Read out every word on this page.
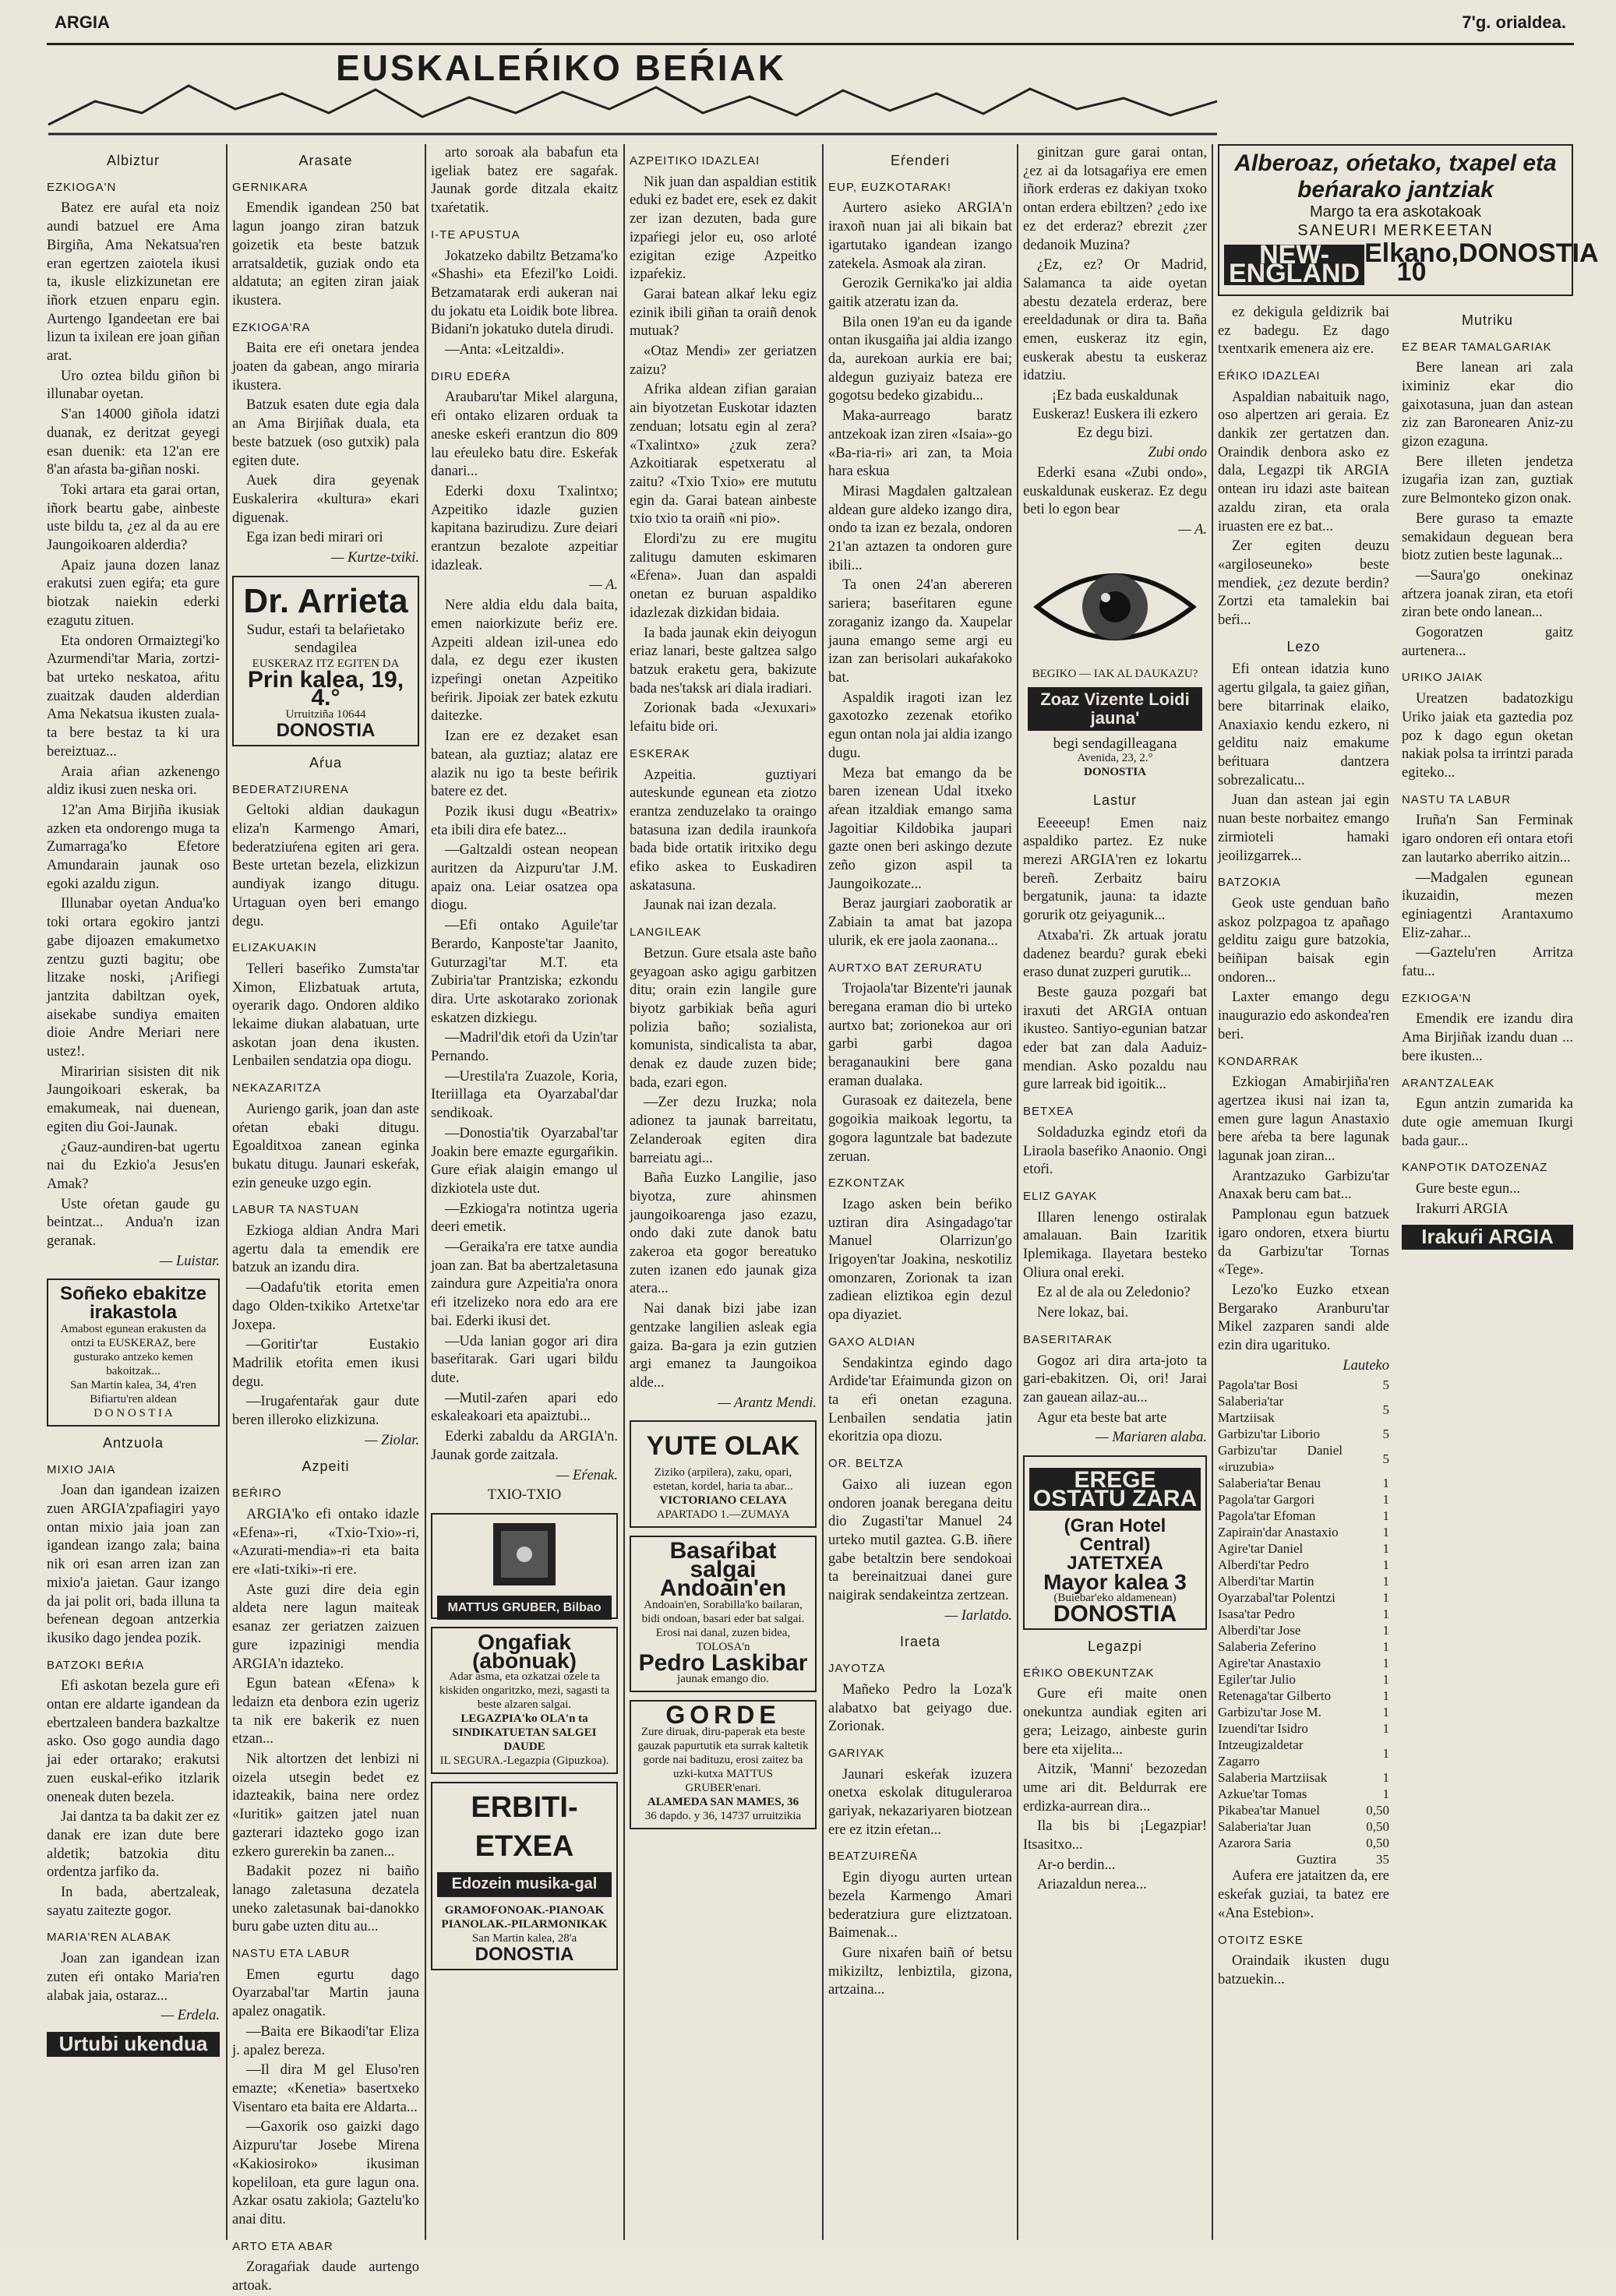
ARGIA	7'g. orialdea.
EUSKALEŔIKO BEŔIAK
Albiztur
EZKIOGA'N

Batez ere auŕal eta noiz aundi batzuel ere Ama Birgiña, Ama Nekatsua'ren eran egertzen zaiotela ikusi ta, ikusle elizkizunetan ere iñork etzuen enparu egin. Aurtengo Igandeetan ere bai lizun ta ixilean ere joan giñan arat.

Uro oztea bildu giñon bi illunabar oyetan.

S'an 14000 giñola idatzi duanak, ez deritzat geyegi esan duenik: eta 12'an ere 8'an aŕasta ba-giñan noski.

Toki artara eta garai ortan, iñork beartu gabe, ainbeste uste bildu ta, ¿ez al da au ere Jaungoikoaren alderdia?

Apaiz jauna dozen lanaz erakutsi zuen egiŕa; eta gure biotzak naiekin ederki ezagutu zituen.

Eta ondoren Ormaiztegi'ko Azurmendi'tar Maria, zortzi-bat urteko neskatoa, aŕitu zuaitzak dauden alderdian Ama Nekatsua ikusten zuala-ta bere bestaz ta ki ura bereiztuaz...

Araia aŕian azkenengo aldiz ikusi zuen neska ori.

12'an Ama Birjiña ikusiak azken eta ondorengo muga ta Zumarraga'ko Efetore Amundarain jaunak oso egoki azaldu zigun.

Illunabar oyetan Andua'ko toki ortara egokiro jantzi gabe dijoazen emakumetxo zentzu guzti bagitu; obe litzake noski, ¡Arifiegi jantzita dabiltzan oyek, aisekabe sundiya emaiten dioie Andre Meriari nere ustez!.

Miraririan sisisten dit nik Jaungoikoari eskerak, ba emakumeak, nai duenean, egiten diu Goi-Jaunak.

¿Gauz-aundiren-bat ugertu nai du Ezkio'a Jesus'en Amak?

Uste oŕetan gaude gu beintzat... Andua'n izan geranak.

— Luistar.

Soñeko ebakitze irakastola
Amabost egunean erakusten da ontzi ta EUSKERAZ, bere gusturako antzeko kemen bakoitzak...
San Martin kalea, 34, 4'ren Bifiartu'ren aldean
D O N O S T I A
Antzuola
MIXIO JAIA

Joan dan igandean izaizen zuen ARGIA'zpafiagiri yayo ontan mixio jaia joan zan igandean izango zala; baina nik ori esan arren izan zan mixio'a jaietan. Gaur izango da jai polit ori, bada illuna ta beŕenean degoan antzerkia ikusiko dago jendea pozik.

BATZOKI BEŔIA

Efi askotan bezela gure eŕi ontan ere aldarte igandean da ebertzaleen bandera bazkaltze asko. Oso gogo aundia dago jai eder ortarako; erakutsi zuen euskal-eŕiko itzlarik oneneak duten bezela.

Jai dantza ta ba dakit zer ez danak ere izan dute bere aldetik; batzokia ditu ordentza jarfiko da.

In bada, abertzaleak, sayatu zaitezte gogor.

MARIA'REN ALABAK

Joan zan igandean izan zuten eŕi ontako Maria'ren alabak jaia, ostaraz...

— Erdela.

Urtubi ukendua
Arasate
GERNIKARA

Emendik igandean 250 bat lagun joango ziran batzuk goizetik eta beste batzuk arratsaldetik, guziak ondo eta aldatuta; an egiten ziran jaiak ikustera.

EZKIOGA'RA

Baita ere eŕi onetara jendea joaten da gabean, ango miraria ikustera.

Batzuk esaten dute egia dala an Ama Birjiñak duala, eta beste batzuek (oso gutxik) pala egiten dute.

Auek dira geyenak Euskalerira «kultura» ekari diguenak.

Ega izan bedi mirari ori

— Kurtze-txiki.

Dr. Arrieta
Sudur, estaŕi ta belaŕietako sendagilea
EUSKERAZ ITZ EGITEN DA
Prin kalea, 19, 4.°
Urruitziña 10644
DONOSTIA
Aŕua
BEDERATZIURENA

Geltoki aldian daukagun eliza'n Karmengo Amari, bederatziuŕena egiten ari gera. Beste urtetan bezela, elizkizun aundiyak izango ditugu. Urtaguan oyen beri emango degu.

ELIZAKUAKIN

Telleri baseŕiko Zumsta'tar Ximon, Elizbatuak artuta, oyerarik dago. Ondoren aldiko lekaime diukan alabatuan, urte askotan joan dena ikusten. Lenbailen sendatzia opa diogu.

NEKAZARITZA

Auriengo garik, joan dan aste oŕetan ebaki ditugu. Egoalditxoa zanean eginka bukatu ditugu. Jaunari eskeŕak, ezin geneuke uzgo egin.

LABUR TA NASTUAN

Ezkioga aldian Andra Mari agertu dala ta emendik ere batzuk an izandu dira.

—Oadafu'tik etorita emen dago Olden-txikiko Artetxe'tar Joxepa.

—Goritir'tar Eustakio Madrilik etoŕita emen ikusi degu.

—Irugaŕentaŕak gaur dute beren illeroko elizkizuna.

— Ziolar.

Azpeiti
BEŔIRO

ARGIA'ko efi ontako idazle «Efena»-ri, «Txio-Txio»-ri, «Azurati-mendia»-ri eta baita ere «Iati-txiki»-ri ere.

Aste guzi dire deia egin aldeta nere lagun maiteak esanaz zer geriatzen zaizuen gure izpazinigi mendia ARGIA'n idazteko.

Egun batean «Efena» k ledaizn eta denbora ezin ugeriz ta nik ere bakerik ez nuen etzan...

Nik altortzen det lenbizi ni oizela utsegin bedet ez idazteakik, baina nere ordez «Iuritik» gaitzen jatel nuan gazterari idazteko gogo izan ezkero gurerekin ba zanen...

Badakit pozez ni baiño lanago zaletasuna dezatela uneko zaletasunak bai-danokko buru gabe uzten ditu au...

NASTU ETA LABUR

Emen egurtu dago Oyarzabal'tar Martin jauna apalez onagatik.

—Baita ere Bikaodi'tar Eliza j. apalez bereza.

—Il dira M gel Eluso'ren emazte; «Kenetia» basertxeko Visentaro eta baita ere Aldarta...

—Gaxorik oso gaizki dago Aizpuru'tar Josebe Mirena «Kakiosiroko» ikusiman kopeliloan, eta gure lagun ona. Azkar osatu zakiola; Gaztelu'ko anai ditu.

ARTO ETA ABAR

Zoragaŕiak daude aurtengo artoak.

arto soroak ala babafun eta igeliak batez ere sagaŕak. Jaunak gorde ditzala ekaitz txaŕetatik.

I-TE APUSTUA

Jokatzeko dabiltz Betzama'ko «Shashi» eta Efezil'ko Loidi. Betzamatarak erdi aukeran nai du jokatu eta Loidik bote librea. Bidani'n jokatuko dutela dirudi.

—Anta: «Leitzaldi».

DIRU EDEŔA

Araubaru'tar Mikel alarguna, eŕi ontako elizaren orduak ta aneske eskeŕi erantzun dio 809 lau eŕeuleko batu dire. Eskeŕak danari...

Ederki doxu Txalintxo; Azpeitiko idazle guzien kapitana bazirudizu. Zure deiari erantzun bezalote azpeitiar idazleak.

— A.

Nere aldia eldu dala baita, emen naiorkizute beŕiz ere. Azpeiti aldean izil-unea edo dala, ez degu ezer ikusten izpeŕingi onetan Azpeitiko beŕirik. Jipoiak zer batek ezkutu daitezke.

Izan ere ez dezaket esan batean, ala guztiaz; alataz ere alazik nu igo ta beste beŕirik batere ez det.

Pozik ikusi dugu «Beatrix» eta ibili dira efe batez...

—Galtzaldi ostean neopean auritzen da Aizpuru'tar J.M. apaiz ona. Leiar osatzea opa diogu.

—Efi ontako Aguile'tar Berardo, Kanposte'tar Jaanito, Guturzagi'tar M.T. eta Zubiria'tar Prantziska; ezkondu dira. Urte askotarako zorionak eskatzen dizkiegu.

—Madril'dik etoŕi da Uzin'tar Pernando.

—Urestila'ra Zuazole, Koria, Iteriillaga eta Oyarzabal'dar sendikoak.

—Donostia'tik Oyarzabal'tar Joakin bere emazte egurgaŕikin. Gure eŕiak alaigin emango ul dizkiotela uste dut.

—Ezkioga'ra notintza ugeria deeri emetik.

—Geraika'ra ere tatxe aundia joan zan. Bat ba abertzaletasuna zaindura gure Azpeitia'ra onora eŕi itzelizeko nora edo ara ere bai. Ederki ikusi det.

—Uda lanian gogor ari dira baseŕitarak. Gari ugari bildu dute.

—Mutil-zaŕen apari edo eskaleakoari eta apaiztubi...

Ederki zabaldu da ARGIA'n. Jaunak gorde zaitzala.

— Eŕenak.

TXIO-TXIO

MATTUS GRUBER, Bilbao
Ongafiak (abonuak)
Adar asma, eta ozkatzai ozele ta kiskiden ongaritzko, mezi, sagasti ta beste alzaren salgai.
LEGAZPIA'ko OLA'n ta SINDIKATUETAN SALGEI DAUDE
IL SEGURA.-Legazpia (Gipuzkoa).
ERBITI-ETXEA
Edozein musika-gal
GRAMOFONOAK.-PIANOAK
PIANOLAK.-PILARMONIKAK
San Martin kalea, 28'a
DONOSTIA
AZPEITIKO IDAZLEAI

Nik juan dan aspaldian estitik eduki ez badet ere, esek ez dakit zer izan dezuten, bada gure izpaŕiegi jelor eu, oso arloté ezigitan ezige Azpeitko izpaŕekiz.

Garai batean alkaŕ leku egiz ezinik ibili giñan ta oraiñ denok mutuak?

«Otaz Mendi» zer geriatzen zaizu?

Afrika aldean zifian garaian ain biyotzetan Euskotar idazten zenduan; lotsatu egin al zera? «Txalintxo» ¿zuk zera? Azkoitiarak espetxeratu al zaitu? «Txio Txio» ere mututu egin da. Garai batean ainbeste txio txio ta oraiñ «ni pio».

Elordi'zu zu ere mugitu zalitugu damuten eskimaren «Eŕena». Juan dan aspaldi onetan ez buruan aspaldiko idazlezak dizkidan bidaia.

Ia bada jaunak ekin deiyogun eriaz lanari, beste galtzea salgo batzuk eraketu gera, bakizute bada nes'taksk ari diala iradiari.

Zorionak bada «Jexuxari» lefaitu bide ori.

ESKERAK

Azpeitia. guztiyari auteskunde egunean eta ziotzo erantza zenduzelako ta oraingo batasuna izan dedila iraunkoŕa bada bide ortatik iritxiko degu efiko askea to Euskadiren askatasuna.

Jaunak nai izan dezala.

LANGILEAK

Betzun. Gure etsala aste baño geyagoan asko agigu garbitzen ditu; orain ezin langile gure biyotz garbikiak beña aguri polizia baño; sozialista, komunista, sindicalista ta abar, denak ez daude zuzen bide; bada, ezari egon.

—Zer dezu Iruzka; nola adionez ta jaunak barreitatu, Zelanderoak egiten dira barreiatu agi...

Baña Euzko Langilie, jaso biyotza, zure ahinsmen jaungoikoarenga jaso ezazu, ondo daki zute danok batu zakeroa eta gogor bereatuko zuten izanen edo jaunak giza atera...

Nai danak bizi jabe izan gentzake langilien asleak egia gaiza. Ba-gara ja ezin gutzien argi emanez ta Jaungoikoa alde...

— Arantz Mendi.

YUTE OLAK
Ziziko (arpilera), zaku, opari, estetan, kordel, haria ta abar...
VICTORIANO CELAYA
APARTADO 1.—ZUMAYA
Basaŕibat salgai
Andoain'en
Andoain'en, Sorabilla'ko bailaran, bidi ondoan, basari eder bat salgai.
Erosi nai danal, zuzen bidea, TOLOSA'n
Pedro Laskibar
jaunak emango dio.
GORDE
Zure diruak, diru-paperak eta beste gauzak papurtutik eta surrak kaltetik gorde nai badituzu, erosi zaitez ba uzki-kutxa MATTUS GRUBER'enari.
ALAMEDA SAN MAMES, 36
36 dapdo. y 36, 14737 urruitzikia
Eŕenderi
EUP, EUZKOTARAK!

Aurtero asieko ARGIA'n iraxoñ nuan jai ali bikain bat igartutako igandean izango zatekela. Asmoak ala ziran.

Gerozik Gernika'ko jai aldia gaitik atzeratu izan da.

Bila onen 19'an eu da igande ontan ikusgaiña jai aldia izango da, aurekoan aurkia ere bai; aldegun guziyaiz bateza ere gogotsu bedeko gizabidu...

Maka-aurreago baratz antzekoak izan ziren «Isaia»-go «Ba-ria-ri» ari zan, ta Moia hara eskua

Mirasi Magdalen galtzalean aldean gure aldeko izango dira, ondo ta izan ez bezala, ondoren 21'an aztazen ta ondoren gure ibili...

Ta onen 24'an abereren sariera; baseŕitaren egune zoraganiz izango da. Xaupelar jauna emango seme argi eu izan zan berisolari aukaŕakoko bat.

Aspaldik iragoti izan lez gaxotozko zezenak etoŕiko egun ontan nola jai aldia izango dugu.

Meza bat emango da be baren izenean Udal itxeko aŕean itzaldiak emango sama Jagoitiar Kildobika jaupari gazte onen beri askingo dezute zeño gizon aspil ta Jaungoikozate...

Beraz jaurgiari zaoboratik ar Zabiain ta amat bat jazopa ulurik, ek ere jaola zaonana...

AURTXO BAT ZERURATU

Trojaola'tar Bizente'ri jaunak beregana eraman dio bi urteko aurtxo bat; zorionekoa aur ori garbi garbi dagoa beraganaukini bere gana eraman dualaka.

Gurasoak ez daitezela, bene gogoikia maikoak legortu, ta gogora laguntzale bat badezute zeruan.

EZKONTZAK

Izago asken bein beŕiko uztiran dira Asingadago'tar Manuel Olarrizun'go Irigoyen'tar Joakina, neskotiliz omonzaren, Zorionak ta izan zadiean eliztikoa egin dezul opa diyaziet.

GAXO ALDIAN

Sendakintza egindo dago Ardide'tar Eŕaimunda gizon on ta eŕi onetan ezaguna. Lenbailen sendatia jatin ekoritzia opa diozu.

OR. BELTZA

Gaixo ali iuzean egon ondoren joanak beregana deitu dio Zugasti'tar Manuel 24 urteko mutil gaztea. G.B. iñere gabe betaltzin bere sendokoai ta bereinaitzuai danei gure naigirak sendakeintza zertzean.

— Iarlatdo.

Iraeta
JAYOTZA

Mañeko Pedro la Loza'k alabatxo bat geiyago due. Zorionak.

GARIYAK

Jaunari eskeŕak izuzera onetxa eskolak dituguleraroa gariyak, nekazariyaren biotzean ere ez itzin eŕetan...

BEATZUIREÑA

Egin diyogu aurten urtean bezela Karmengo Amari bederatziura gure eliztzatoan. Baimenak...

Gure nixaŕen baiñ oŕ betsu mikiziltz, lenbiztila, gizona, artzaina...

ginitzan gure garai ontan, ¿ez ai da lotsagaŕiya ere emen iñork erderas ez dakiyan txoko ontan erdera ebiltzen? ¿edo ixe ez det erderaz? ebrezit ¿zer dedanoik Muzina?

¿Ez, ez? Or Madrid, Salamanca ta aide oyetan abestu dezatela erderaz, bere ereeldadunak or dira ta. Baña emen, euskeraz itz egin, euskerak abestu ta euskeraz idatziu.

¡Ez bada euskaldunak Euskeraz! Euskera ili ezkero Ez degu bizi.

Zubi ondo

Ederki esana «Zubi ondo», euskaldunak euskeraz. Ez degu beti lo egon bear

— A.

BEGIKO — IAK AL DAUKAZU?
Zoaz Vizente Loidi jauna'
begi sendagilleagana
Avenida, 23, 2.°
DONOSTIA
Lastur

Eeeeeup! Emen naiz aspaldiko partez. Ez nuke merezi ARGIA'ren ez lokartu bereñ. Zerbaitz bairu bergatunik, jauna: ta idazte gorurik otz geiyagunik...

Atxaba'ri. Zk artuak joratu dadenez beardu? gurak ebeki eraso dunat zuzperi gurutik...

Beste gauza pozgaŕi bat iraxuti det ARGIA ontuan ikusteo. Santiyo-egunian batzar eder bat zan dala Aaduiz-mendian. Asko pozaldu nau gure larreak bid igoitik...

BETXEA

Soldaduzka egindz etoŕi da Liraola baseŕiko Anaonio. Ongi etoŕi.

ELIZ GAYAK

Illaren lenengo ostiralak amalauan. Bain Izaritik Iplemikaga. Ilayetara besteko Oliura onal ereki.

Ez al de ala ou Zeledonio?

Nere lokaz, bai.

BASERITARAK

Gogoz ari dira arta-joto ta gari-ebakitzen. Oi, ori! Jarai zan gauean ailaz-au...

Agur eta beste bat arte

— Mariaren alaba.

EREGE OSTATU ZARA
(Gran Hotel Central)
JATETXEA
Mayor kalea 3
(Buiebar'eko aldamenean)
DONOSTIA
Legazpi
EŔIKO OBEKUNTZAK

Gure eŕi maite onen onekuntza aundiak egiten ari gera; Leizago, ainbeste gurin bere eta xijelita...

Aitzik, 'Manni' bezozedan ume ari dit. Beldurrak ere erdizka-aurrean dira...

Ila bis bi ¡Legazpiar! Itsasitxo...

Ar-o berdin...

Ariazaldun nerea...

Alberoaz, ońetako, txapel eta beńarako jantziak
Margo ta era askotakoak
SANEURI MERKEETAN
NEW-ENGLAND
Elkano, 10
DONOSTIA

ez dekigula geldizrik bai ez badegu. Ez dago txentxarik emenera aiz ere.

EŔIKO IDAZLEAI

Aspaldian nabaituik nago, oso alpertzen ari geraia. Ez dankik zer gertatzen dan. Oraindik denbora asko ez dala, Legazpi tik ARGIA ontean iru idazi aste baitean azaldu ziran, eta orala iruasten ere ez bat...

Zer egiten deuzu «argiloseuneko» beste mendiek, ¿ez dezute berdin? Zortzi eta tamalekin bai beŕi...

Lezo

Efi ontean idatzia kuno agertu gilgala, ta gaiez giñan, bere bitarrinak elaiko, Anaxiaxio kendu ezkero, ni gelditu naiz emakume beŕituara dantzera sobrezalicatu...

Juan dan astean jai egin nuan beste norbaitez emango zirmioteli hamaki jeoilizgarrek...

BATZOKIA

Geok uste genduan baño askoz polzpagoa tz apañago gelditu zaigu gure batzokia, beiñipan baisak egin ondoren...

Laxter emango degu inaugurazio edo askondea'ren beri.

KONDARRAK

Ezkiogan Amabirjiña'ren agertzea ikusi nai izan ta, emen gure lagun Anastaxio bere aŕeba ta bere lagunak lagunak joan ziran...

Arantzazuko Garbizu'tar Anaxak beru cam bat...

Pamplonau egun batzuek igaro ondoren, etxera biurtu da Garbizu'tar Tornas «Tege».

Lezo'ko Euzko etxean Bergarako Aranburu'tar Mikel zazparen sandi alde ezin dira ugarituko.

Lauteko

Pagola'tar Bosi	5
Salaberia'tar Martziisak	5
Garbizu'tar Liborio	5
Garbizu'tar Daniel «iruzubia»	5
Salaberia'tar Benau	1
Pagola'tar Gargori	1
Pagola'tar Efoman	1
Zapirain'dar Anastaxio	1
Agire'tar Daniel	1
Alberdi'tar Pedro	1
Alberdi'tar Martin	1
Oyarzabal'tar Polentzi	1
Isasa'tar Pedro	1
Alberdi'tar Jose	1
Salaberia Zeferino	1
Agire'tar Anastaxio	1
Egiler'tar Julio	1
Retenaga'tar Gilberto	1
Garbizu'tar Jose M.	1
Izuendi'tar Isidro	1
Intzeugizaldetar Zagarro	1
Salaberia Martziisak	1
Azkue'tar Tomas	1
Pikabea'tar Manuel	0,50
Salaberia'tar Juan	0,50
Azarora Saria	0,50
Guztira	35

Aufera ere jataitzen da, ere eskeŕak guziai, ta batez ere «Ana Estebion».

OTOITZ ESKE

Oraindaik ikusten dugu batzuekin...

Mutriku
EZ BEAR TAMALGARIAK

Bere lanean ari zala iximiniz ekar dio gaixotasuna, juan dan astean ziz zan Baronearen Aniz-zu gizon ezaguna.

Bere illeten jendetza izugaŕia izan zan, guztiak zure Belmonteko gizon onak.

Bere guraso ta emazte semakidaun deguean bera biotz zutien beste lagunak...

—Saura'go onekinaz aŕtzera joanak ziran, eta etoŕi ziran bete ondo lanean...

Gogoratzen gaitz aurtenera...

URIKO JAIAK

Ureatzen badatozkigu Uriko jaiak eta gaztedia poz poz k dago egun oketan nakiak polsa ta irrintzi parada egiteko...

NASTU TA LABUR

Iruña'n San Ferminak igaro ondoren eŕi ontara etoŕi zan lautarko aberriko aitzin...

—Madgalen egunean ikuzaidin, mezen eginiagentzi Arantaxumo Eliz-zahar...

—Gaztelu'ren Arritza fatu...

EZKIOGA'N

Emendik ere izandu dira Ama Birjiñak izandu duan ... bere ikusten...

ARANTZALEAK

Egun antzin zumarida ka dute ogie amemuan Ikurgi bada gaur...

KANPOTIK DATOZENAZ

Gure beste egun...

Irakurri ARGIA

Irakuŕi ARGIA
